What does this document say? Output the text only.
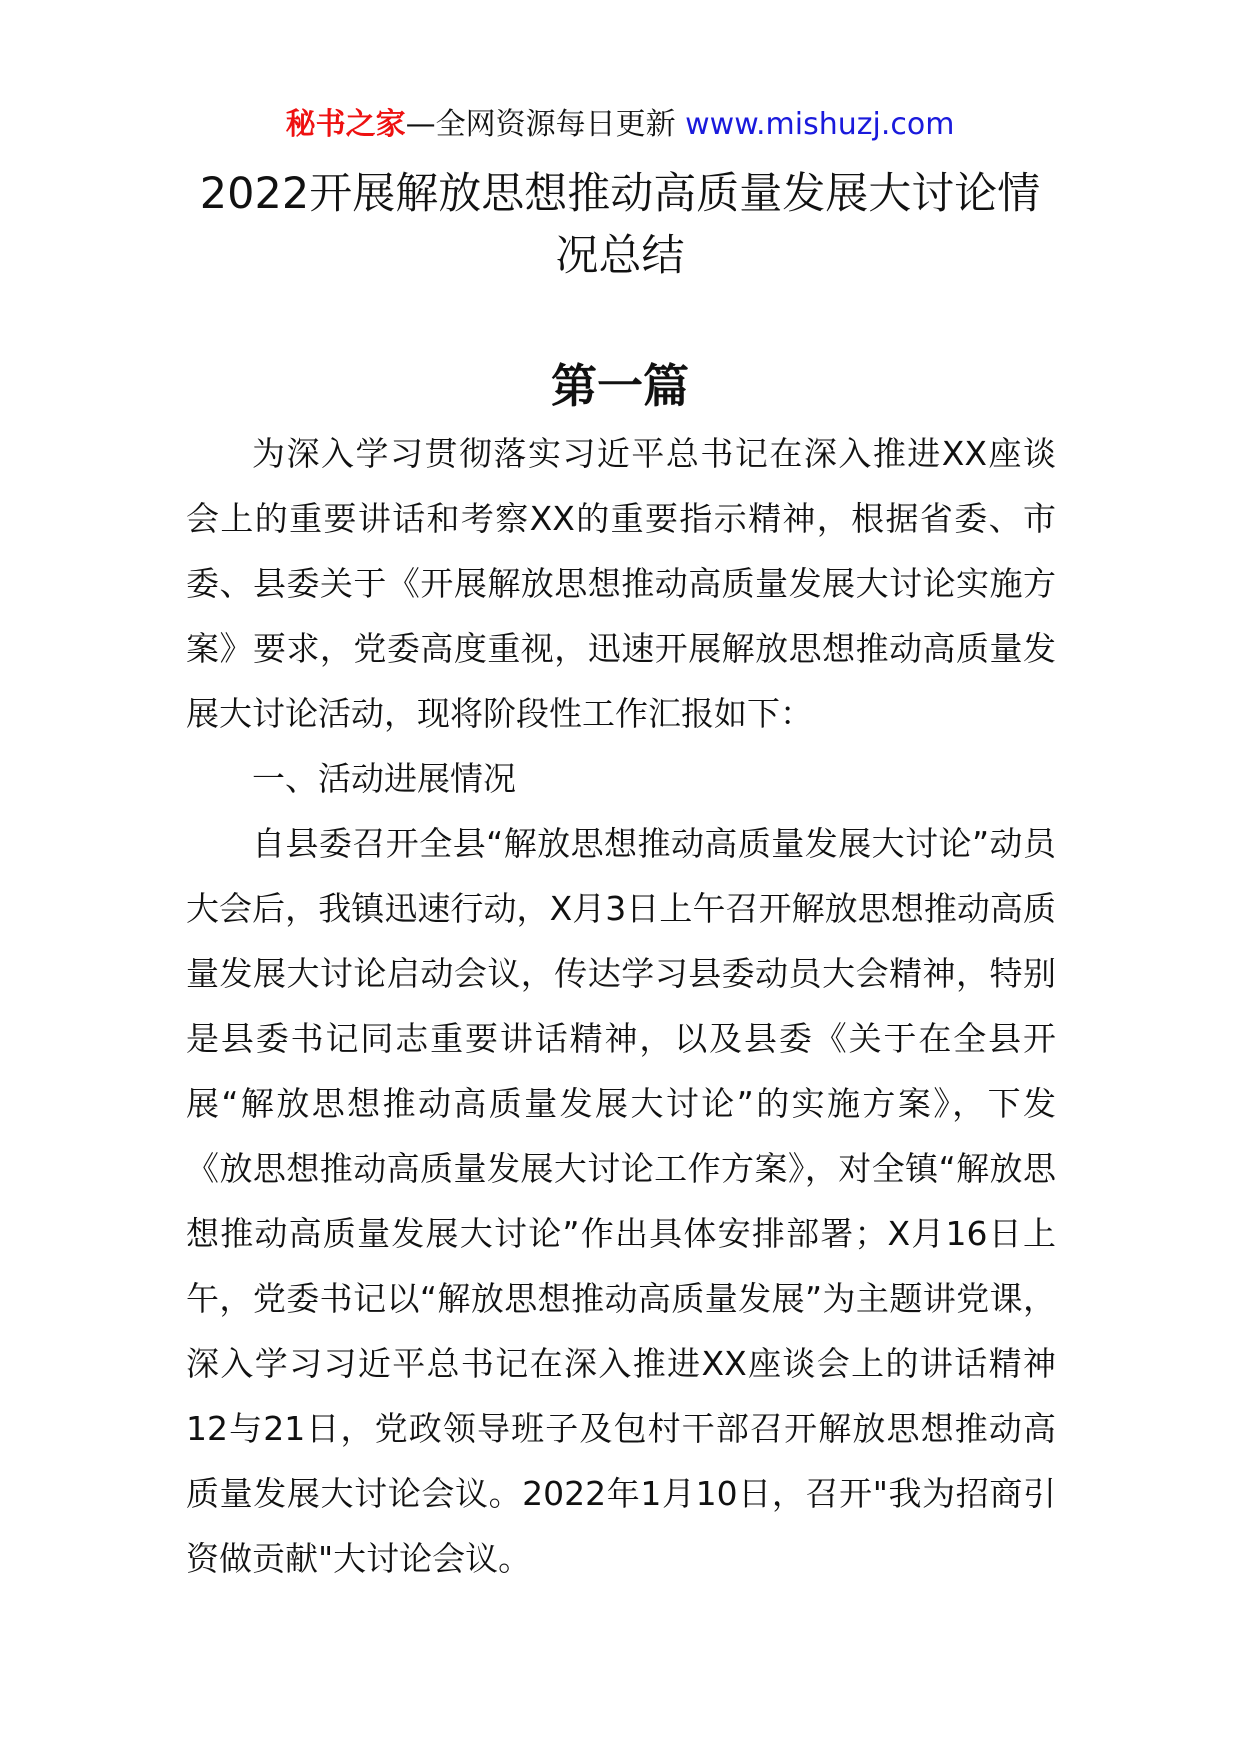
秘书之家—全网资源每日更新 www.mishuzj.com
2022开展解放思想推动高质量发展大讨论情况总结
第一篇

为深入学习贯彻落实习近平总书记在深入推进XX座谈会上的重要讲话和考察XX的重要指示精神，根据省委、市委、县委关于《开展解放思想推动高质量发展大讨论实施方案》要求，党委高度重视，迅速开展解放思想推动高质量发展大讨论活动，现将阶段性工作汇报如下：

一、活动进展情况

自县委召开全县“解放思想推动高质量发展大讨论”动员大会后，我镇迅速行动，X月3日上午召开解放思想推动高质量发展大讨论启动会议，传达学习县委动员大会精神，特别是县委书记同志重要讲话精神，以及县委《关于在全县开展“解放思想推动高质量发展大讨论”的实施方案》，下发《放思想推动高质量发展大讨论工作方案》，对全镇“解放思想推动高质量发展大讨论”作出具体安排部署；X月16日上午，党委书记以“解放思想推动高质量发展”为主题讲党课，深入学习习近平总书记在深入推进XX座谈会上的讲话精神12与21日，党政领导班子及包村干部召开解放思想推动高质量发展大讨论会议。2022年1月10日，召开"我为招商引资做贡献"大讨论会议。
